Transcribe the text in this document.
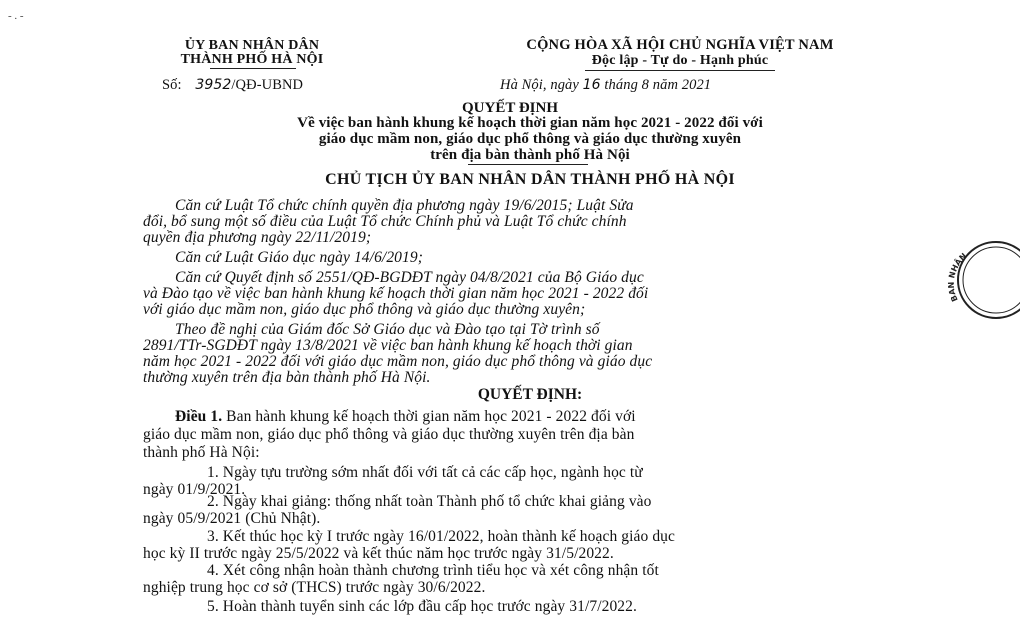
- . -
ỦY BAN NHÂN DÂN
THÀNH PHỐ HÀ NỘI
Số: 3952/QĐ-UBND
CỘNG HÒA XÃ HỘI CHỦ NGHĨA VIỆT NAM
Độc lập - Tự do - Hạnh phúc
Hà Nội, ngày 16 tháng 8 năm 2021
QUYẾT ĐỊNH
Về việc ban hành khung kế hoạch thời gian năm học 2021 - 2022 đối với
giáo dục mầm non, giáo dục phổ thông và giáo dục thường xuyên
trên địa bàn thành phố Hà Nội
CHỦ TỊCH ỦY BAN NHÂN DÂN THÀNH PHỐ HÀ NỘI
Căn cứ Luật Tổ chức chính quyền địa phương ngày 19/6/2015; Luật Sửa
đổi, bổ sung một số điều của Luật Tổ chức Chính phủ và Luật Tổ chức chính
quyền địa phương ngày 22/11/2019;
Căn cứ Luật Giáo dục ngày 14/6/2019;
Căn cứ Quyết định số 2551/QĐ-BGDĐT ngày 04/8/2021 của Bộ Giáo dục
và Đào tạo về việc ban hành khung kế hoạch thời gian năm học 2021 - 2022 đối
với giáo dục mầm non, giáo dục phổ thông và giáo dục thường xuyên;
Theo đề nghị của Giám đốc Sở Giáo dục và Đào tạo tại Tờ trình số
2891/TTr-SGDĐT ngày 13/8/2021 về việc ban hành khung kế hoạch thời gian
năm học 2021 - 2022 đối với giáo dục mầm non, giáo dục phổ thông và giáo dục
thường xuyên trên địa bàn thành phố Hà Nội.
QUYẾT ĐỊNH:
Điều 1. Ban hành khung kế hoạch thời gian năm học 2021 - 2022 đối với
giáo dục mầm non, giáo dục phổ thông và giáo dục thường xuyên trên địa bàn
thành phố Hà Nội:
1. Ngày tựu trường sớm nhất đối với tất cả các cấp học, ngành học từ
ngày 01/9/2021.
2. Ngày khai giảng: thống nhất toàn Thành phố tổ chức khai giảng vào
ngày 05/9/2021 (Chủ Nhật).
3. Kết thúc học kỳ I trước ngày 16/01/2022, hoàn thành kế hoạch giáo dục
học kỳ II trước ngày 25/5/2022 và kết thúc năm học trước ngày 31/5/2022.
4. Xét công nhận hoàn thành chương trình tiểu học và xét công nhận tốt
nghiệp trung học cơ sở (THCS) trước ngày 30/6/2022.
5. Hoàn thành tuyển sinh các lớp đầu cấp học trước ngày 31/7/2022.
BAN NHÂN
